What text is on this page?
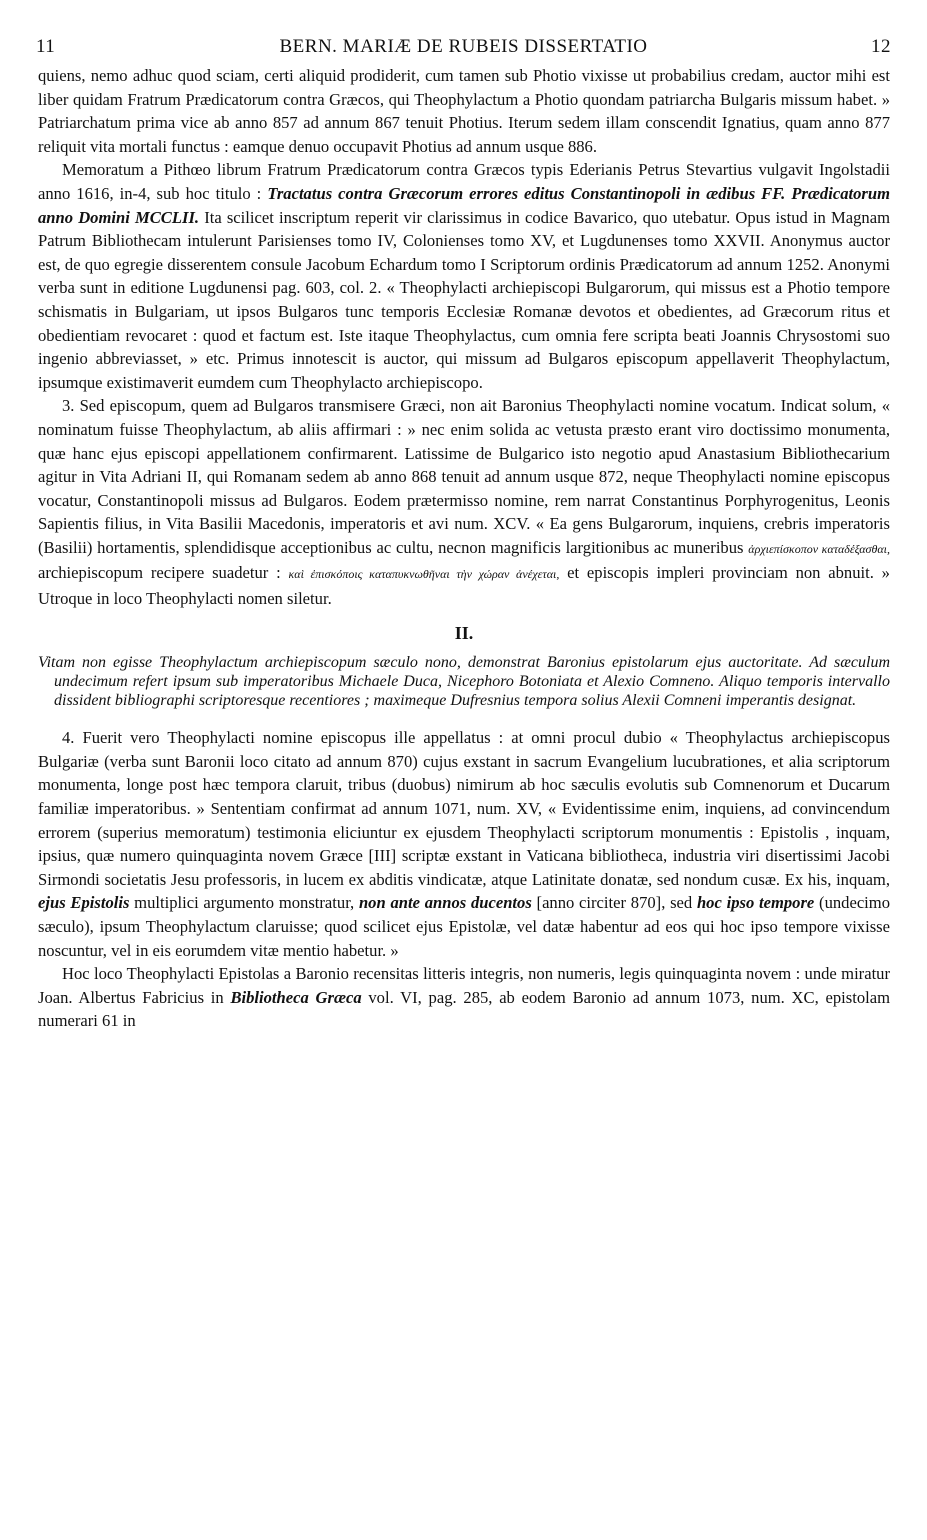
11	BERN. MARIÆ DE RUBEIS DISSERTATIO	12

quiens, nemo adhuc quod sciam, certi aliquid prodiderit, cum tamen sub Photio vixisse ut probabilius credam, auctor mihi est liber quidam Fratrum Prædicatorum contra Græcos, qui Theophylactum a Photio quondam patriarcha Bulgaris missum habet. » Patriarchatum prima vice ab anno 857 ad annum 867 tenuit Photius. Iterum sedem illam conscendit Ignatius, quam anno 877 reliquit vita mortali functus : eamque denuo occupavit Photius ad annum usque 886.

Memoratum a Pithœo librum Fratrum Prædicatorum contra Græcos typis Ederianis Petrus Stevartius vulgavit Ingolstadii anno 1616, in-4, sub hoc titulo : Tractatus contra Græcorum errores editus Constantinopoli in ædibus FF. Prædicatorum anno Domini MCCLII. Ita scilicet inscriptum reperit vir clarissimus in codice Bavarico, quo utebatur. Opus istud in Magnam Patrum Bibliothecam intulerunt Parisienses tomo IV, Colonienses tomo XV, et Lugdunenses tomo XXVII. Anonymus auctor est, de quo egregie disserentem consule Jacobum Echardum tomo I Scriptorum ordinis Prædicatorum ad annum 1252. Anonymi verba sunt in editione Lugdunensi pag. 603, col. 2. « Theophylacti archiepiscopi Bulgarorum, qui missus est a Photio tempore schismatis in Bulgariam, ut ipsos Bulgaros tunc temporis Ecclesiæ Romanæ devotos et obedientes, ad Græcorum ritus et obedientiam revocaret : quod et factum est. Iste itaque Theophylactus, cum omnia fere scripta beati Joannis Chrysostomi suo ingenio abbreviasset, » etc. Primus innotescit is auctor, qui missum ad Bulgaros episcopum appellaverit Theophylactum, ipsumque existimaverit eumdem cum Theophylacto archiepiscopo.

3. Sed episcopum, quem ad Bulgaros transmisere Græci, non ait Baronius Theophylacti nomine vocatum. Indicat solum, « nominatum fuisse Theophylactum, ab aliis affirmari : » nec enim solida ac vetusta præsto erant viro doctissimo monumenta, quæ hanc ejus episcopi appellationem confirmarent. Latissime de Bulgarico isto negotio apud Anastasium Bibliothecarium agitur in Vita Adriani II, qui Romanam sedem ab anno 868 tenuit ad annum usque 872, neque Theophylacti nomine episcopus vocatur, Constantinopoli missus ad Bulgaros. Eodem prætermisso nomine, rem narrat Constantinus Porphyrogenitus, Leonis Sapientis filius, in Vita Basilii Macedonis, imperatoris et avi num. XCV. « Ea gens Bulgarorum, inquiens, crebris imperatoris (Basilii) hortamentis, splendidisque acceptionibus ac cultu, necnon magnificis largitionibus ac muneribus ἀρχιεπίσκοπον καταδέξασθαι, archiepiscopum recipere suadetur : καὶ ἐπισκόποις καταπυκνωθῆναι τὴν χώραν ἀνέχεται, et episcopis impleri provinciam non abnuit. » Utroque in loco Theophylacti nomen siletur.

II.

Vitam non egisse Theophylactum archiepiscopum sæculo nono, demonstrat Baronius epistolarum ejus auctoritate. Ad sæculum undecimum refert ipsum sub imperatoribus Michaele Duca, Nicephoro Botoniata et Alexio Comneno. Aliquo temporis intervallo dissident bibliographi scriptoresque recentiores ; maximeque Dufresnius tempora solius Alexii Comneni imperantis designat.

4. Fuerit vero Theophylacti nomine episcopus ille appellatus : at omni procul dubio « Theophylactus archiepiscopus Bulgariæ (verba sunt Baronii loco citato ad annum 870) cujus exstant in sacrum Evangelium lucubrationes, et alia scriptorum monumenta, longe post hæc tempora claruit, tribus (duobus) nimirum ab hoc sæculis evolutis sub Comnenorum et Ducarum familiæ imperatoribus. » Sententiam confirmat ad annum 1071, num. XV, « Evidentissime enim, inquiens, ad convincendum errorem (superius memoratum) testimonia eliciuntur ex ejusdem Theophylacti scriptorum monumentis : Epistolis , inquam, ipsius, quæ numero quinquaginta novem Græce [III] scriptæ exstant in Vaticana bibliotheca, industria viri disertissimi Jacobi Sirmondi societatis Jesu professoris, in lucem ex abditis vindicatæ, atque Latinitate donatæ, sed nondum cusæ. Ex his, inquam, ejus Epistolis multiplici argumento monstratur, non ante annos ducentos [anno circiter 870], sed hoc ipso tempore (undecimo sæculo), ipsum Theophylactum claruisse; quod scilicet ejus Epistolæ, vel datæ habentur ad eos qui hoc ipso tempore vixisse noscuntur, vel in eis eorumdem vitæ mentio habetur. »

Hoc loco Theophylacti Epistolas a Baronio recensitas litteris integris, non numeris, legis quinquaginta novem : unde miratur Joan. Albertus Fabricius in Bibliotheca Græca vol. VI, pag. 285, ab eodem Baronio ad annum 1073, num. XC, epistolam numerari 61 in
